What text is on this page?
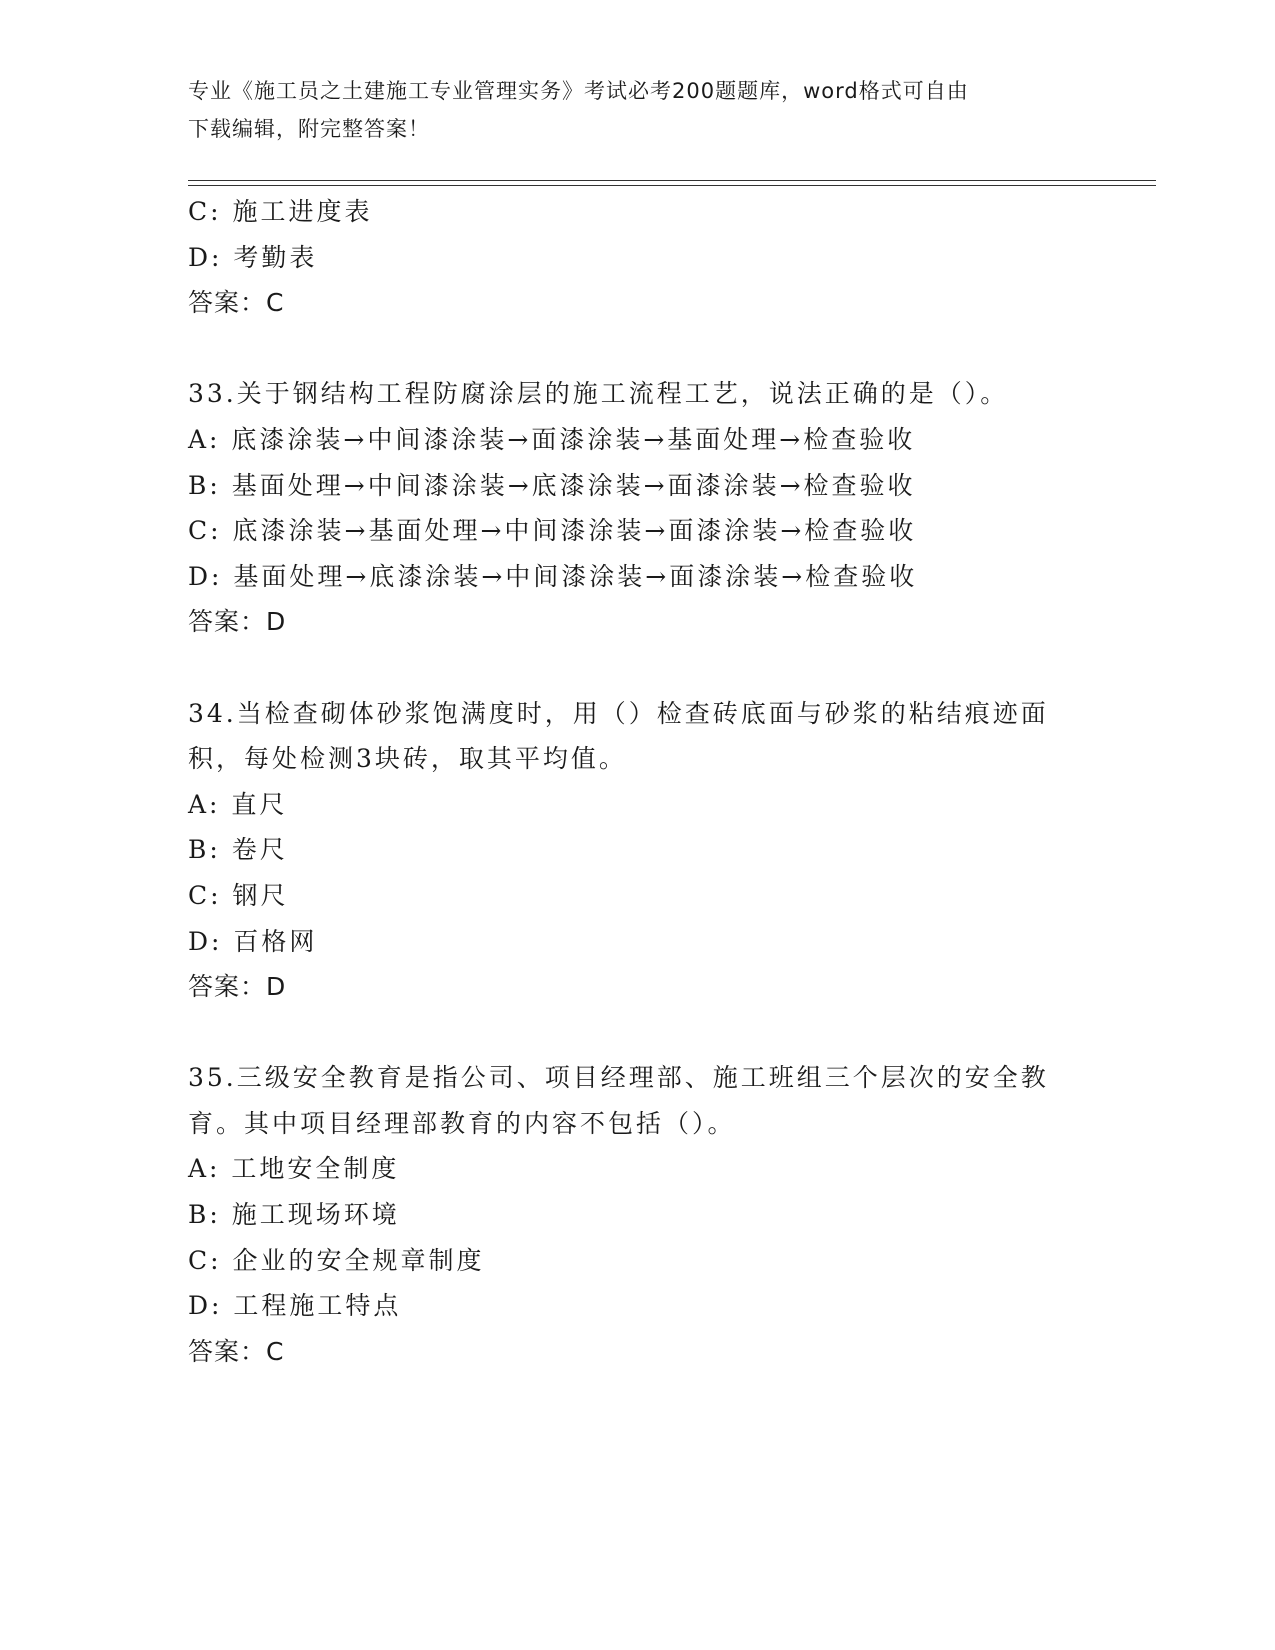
专业《施工员之土建施工专业管理实务》考试必考200题题库，word格式可自由
下载编辑，附完整答案！
C: 施工进度表
D: 考勤表
答案：C
33.关于钢结构工程防腐涂层的施工流程工艺，说法正确的是（）。
A: 底漆涂装→中间漆涂装→面漆涂装→基面处理→检查验收
B: 基面处理→中间漆涂装→底漆涂装→面漆涂装→检查验收
C: 底漆涂装→基面处理→中间漆涂装→面漆涂装→检查验收
D: 基面处理→底漆涂装→中间漆涂装→面漆涂装→检查验收
答案：D
34.当检查砌体砂浆饱满度时，用（）检查砖底面与砂浆的粘结痕迹面
积，每处检测3块砖，取其平均值。
A: 直尺
B: 卷尺
C: 钢尺
D: 百格网
答案：D
35.三级安全教育是指公司、项目经理部、施工班组三个层次的安全教
育。其中项目经理部教育的内容不包括（）。
A: 工地安全制度
B: 施工现场环境
C: 企业的安全规章制度
D: 工程施工特点
答案：C
